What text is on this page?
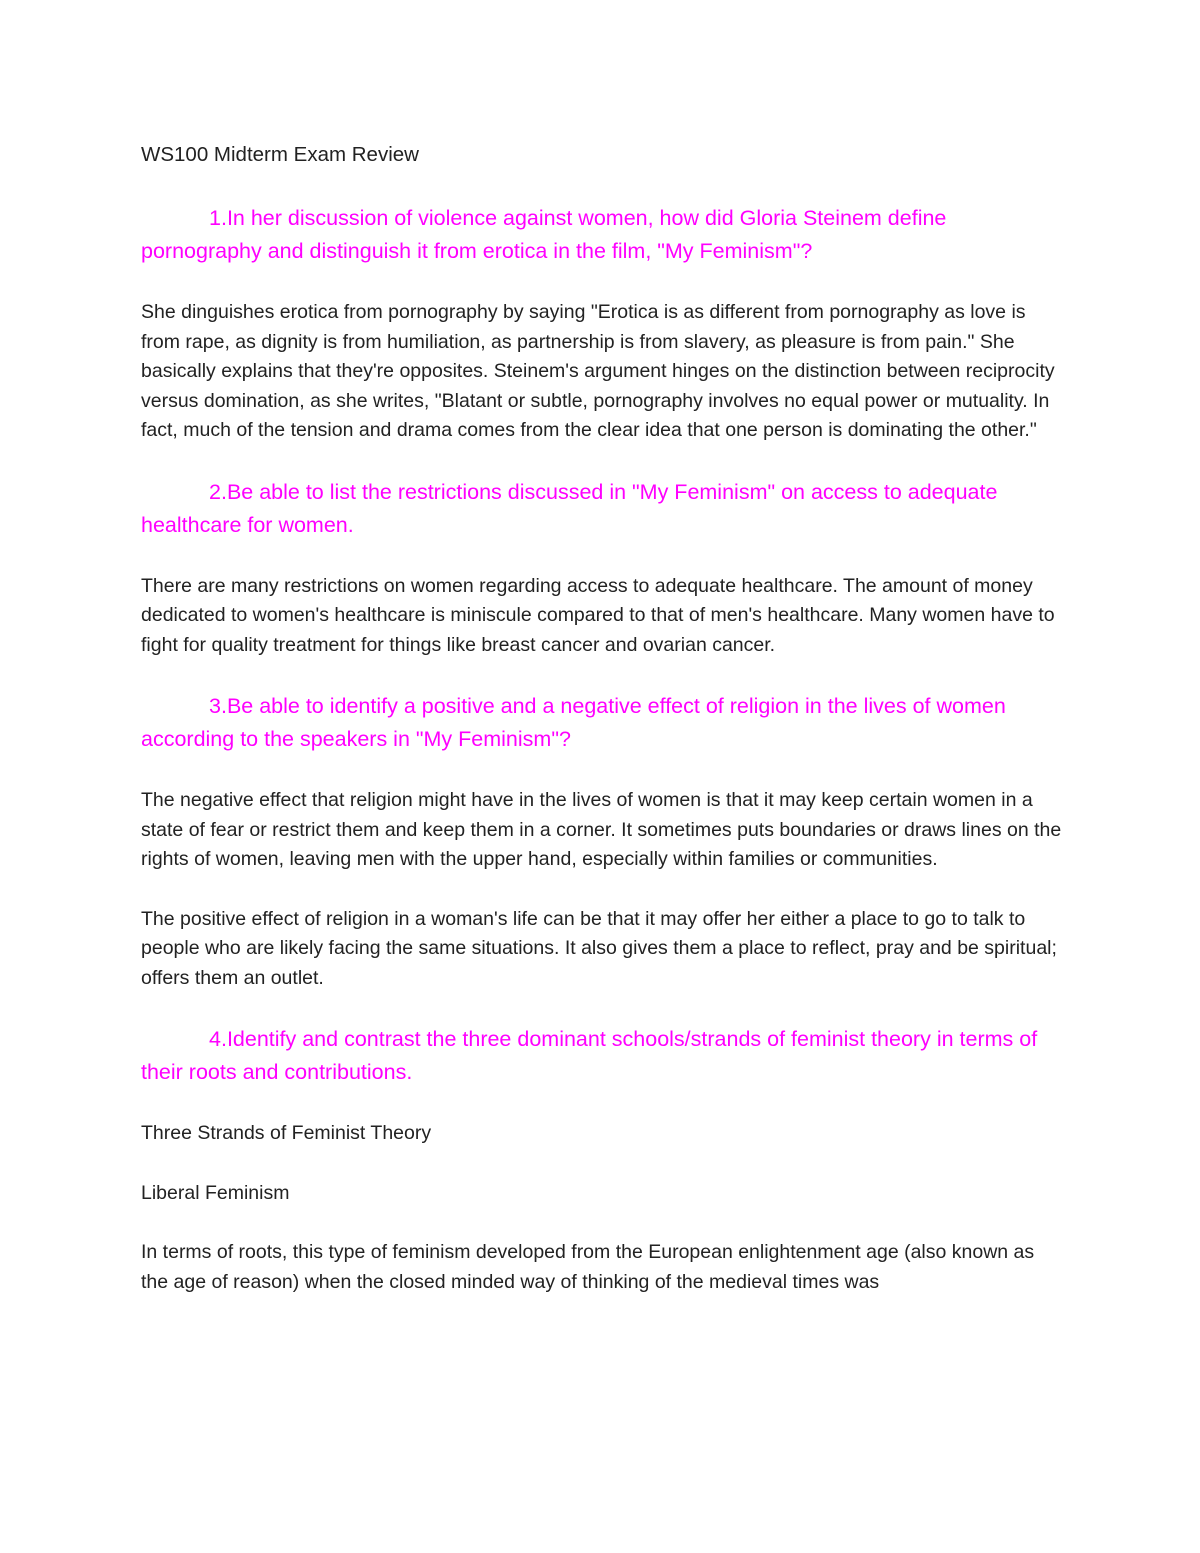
WS100 Midterm Exam Review

1.In her discussion of violence against women, how did Gloria Steinem define pornography and distinguish it from erotica in the film, "My Feminism"?

She dinguishes erotica from pornography by saying "Erotica is as different from pornography as love is from rape, as dignity is from humiliation, as partnership is from slavery, as pleasure is from pain." She basically explains that they're opposites. Steinem's argument hinges on the distinction between reciprocity versus domination, as she writes, "Blatant or subtle, pornography involves no equal power or mutuality. In fact, much of the tension and drama comes from the clear idea that one person is dominating the other."

2.Be able to list the restrictions discussed in "My Feminism" on access to adequate healthcare for women.

There are many restrictions on women regarding access to adequate healthcare. The amount of money dedicated to women's healthcare is miniscule compared to that of men's healthcare. Many women have to fight for quality treatment for things like breast cancer and ovarian cancer.

3.Be able to identify a positive and a negative effect of religion in the lives of women according to the speakers in "My Feminism"?

The negative effect that religion might have in the lives of women is that it may keep certain women in a state of fear or restrict them and keep them in a corner. It sometimes puts boundaries or draws lines on the rights of women, leaving men with the upper hand, especially within families or communities.

The positive effect of religion in a woman's life can be that it may offer her either a place to go to talk to people who are likely facing the same situations. It also gives them a place to reflect, pray and be spiritual; offers them an outlet.

4.Identify and contrast the three dominant schools/strands of feminist theory in terms of their roots and contributions.

Three Strands of Feminist Theory

Liberal Feminism

In terms of roots, this type of feminism developed from the European enlightenment age (also known as the age of reason) when the closed minded way of thinking of the medieval times was
